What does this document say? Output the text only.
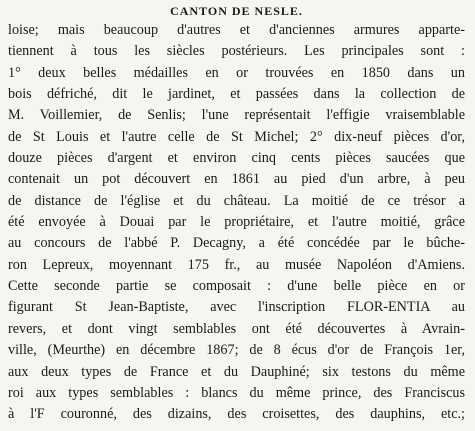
CANTON DE NESLE.
loise; mais beaucoup d'autres et d'anciennes armures apparte-
tiennent à tous les siècles postérieurs. Les principales sont :
1° deux belles médailles en or trouvées en 1850 dans un
bois défriché, dit le jardinet, et passées dans la collection de
M. Voillemier, de Senlis; l'une représentait l'effigie vraisemblable
de St Louis et l'autre celle de St Michel; 2° dix-neuf pièces d'or,
douze pièces d'argent et environ cinq cents pièces saucées que
contenait un pot découvert en 1861 au pied d'un arbre, à peu
de distance de l'église et du château. La moitié de ce trésor a
été envoyée à Douai par le propriétaire, et l'autre moitié, grâce
au concours de l'abbé P. Decagny, a été concédée par le bûche-
ron Lepreux, moyennant 175 fr., au musée Napoléon d'Amiens.
Cette seconde partie se composait : d'une belle pièce en or
figurant St Jean-Baptiste, avec l'inscription FLOR-ENTIA au
revers, et dont vingt semblables ont été découvertes à Avrain-
ville, (Meurthe) en décembre 1867; de 8 écus d'or de François 1er,
aux deux types de France et du Dauphiné; six testons du même
roi aux types semblables : blancs du même prince, des Franciscus
à l'F couronné, des dizains, des croisettes, des dauphins, etc.;
